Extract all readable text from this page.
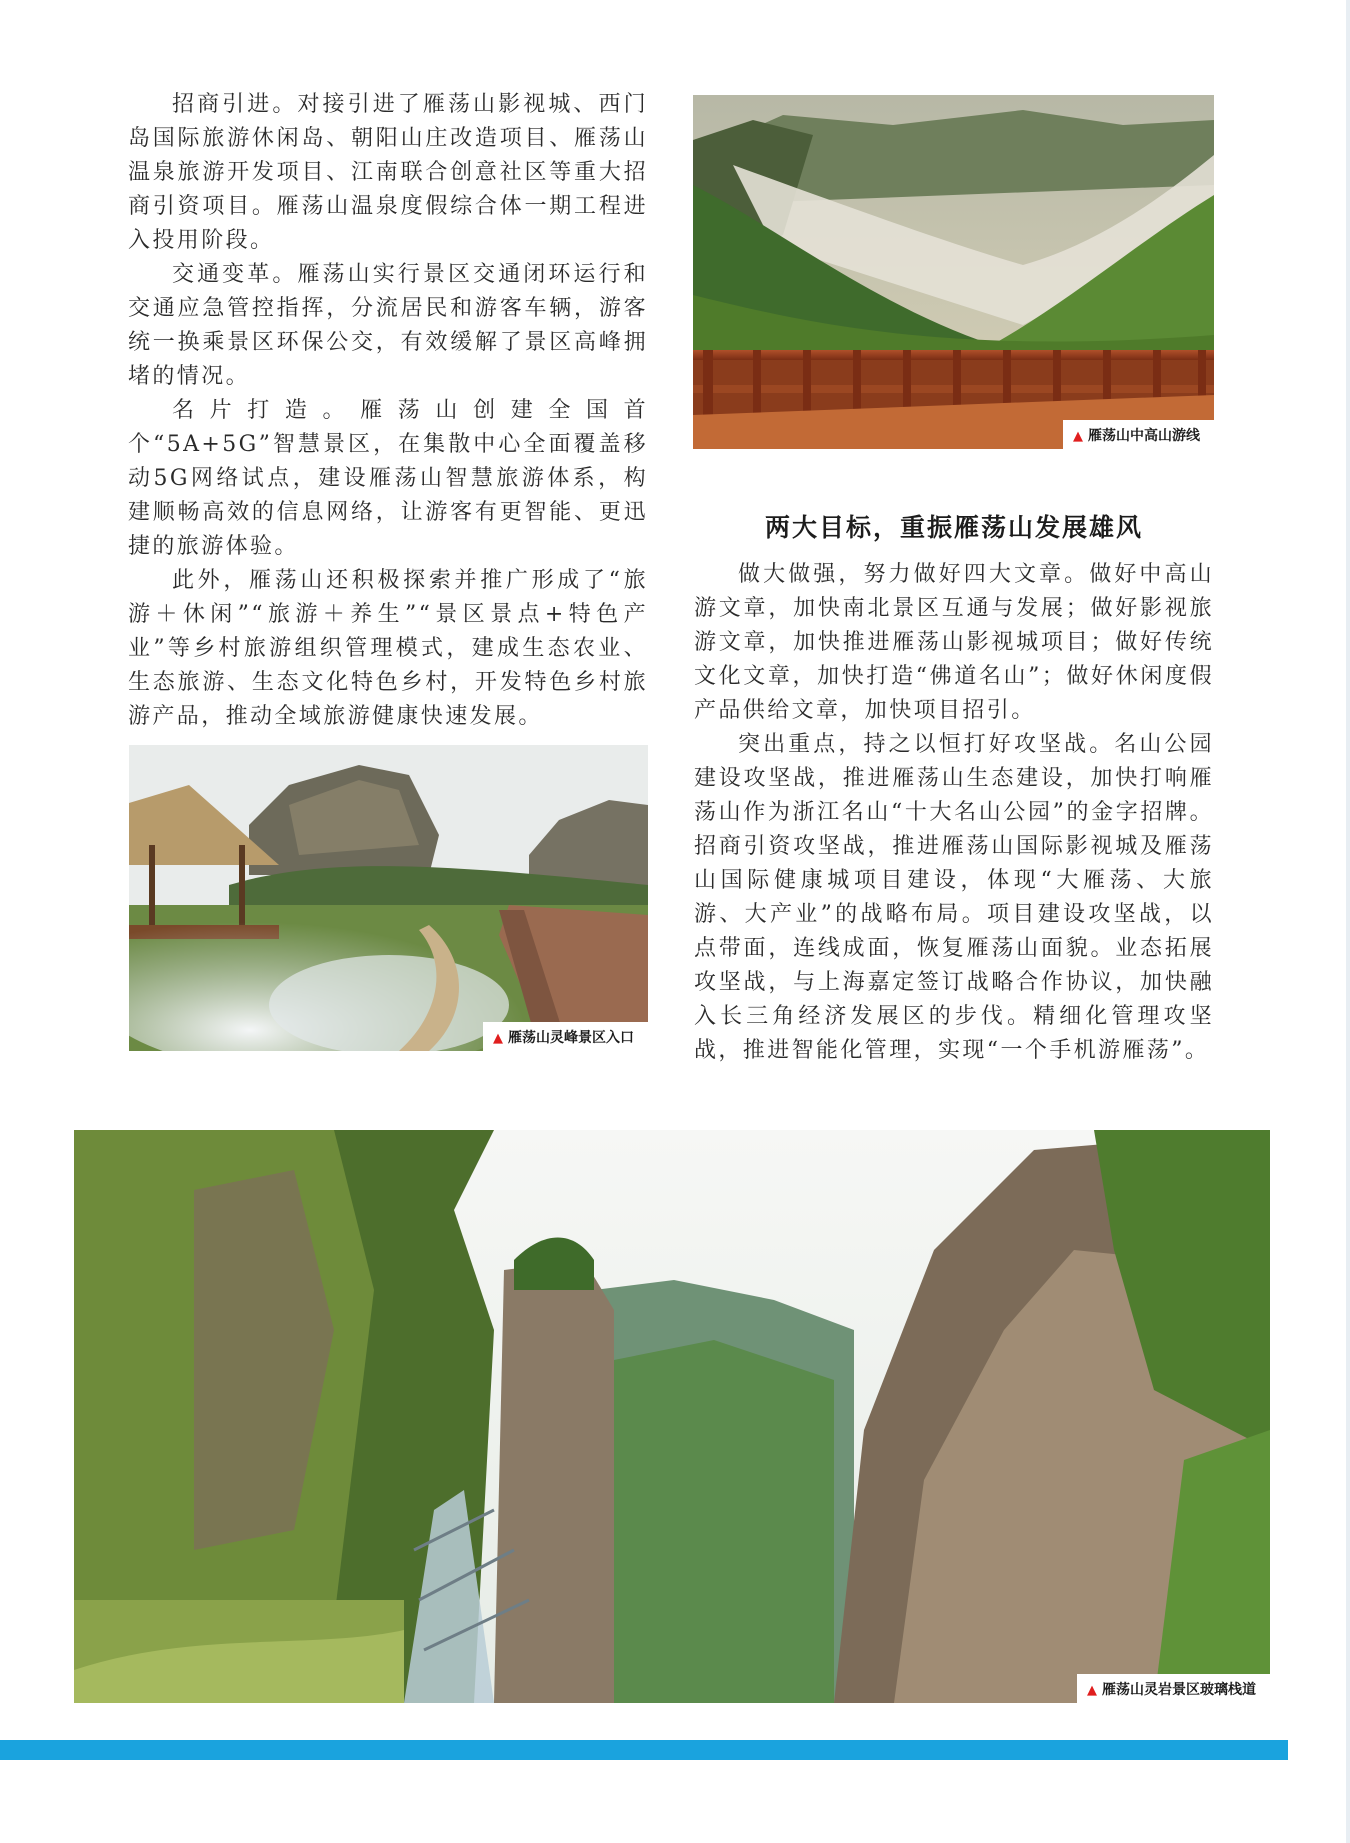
招商引进。对接引进了雁荡山影视城、西门岛国际旅游休闲岛、朝阳山庄改造项目、雁荡山温泉旅游开发项目、江南联合创意社区等重大招商引资项目。雁荡山温泉度假综合体一期工程进入投用阶段。

交通变革。雁荡山实行景区交通闭环运行和交通应急管控指挥，分流居民和游客车辆，游客统一换乘景区环保公交，有效缓解了景区高峰拥堵的情况。

名片打造。雁荡山创建全国首个“5A+5G”智慧景区，在集散中心全面覆盖移动5G网络试点，建设雁荡山智慧旅游体系，构建顺畅高效的信息网络，让游客有更智能、更迅捷的旅游体验。

此外，雁荡山还积极探索并推广形成了“旅游＋休闲”“旅游＋养生”“景区景点+特色产业”等乡村旅游组织管理模式，建成生态农业、生态旅游、生态文化特色乡村，开发特色乡村旅游产品，推动全域旅游健康快速发展。

▲ 雁荡山中高山游线
两大目标，重振雁荡山发展雄风

做大做强，努力做好四大文章。做好中高山游文章，加快南北景区互通与发展；做好影视旅游文章，加快推进雁荡山影视城项目；做好传统文化文章，加快打造“佛道名山”；做好休闲度假产品供给文章，加快项目招引。

突出重点，持之以恒打好攻坚战。名山公园建设攻坚战，推进雁荡山生态建设，加快打响雁荡山作为浙江名山“十大名山公园”的金字招牌。招商引资攻坚战，推进雁荡山国际影视城及雁荡山国际健康城项目建设，体现“大雁荡、大旅游、大产业”的战略布局。项目建设攻坚战，以点带面，连线成面，恢复雁荡山面貌。业态拓展攻坚战，与上海嘉定签订战略合作协议，加快融入长三角经济发展区的步伐。精细化管理攻坚战，推进智能化管理，实现“一个手机游雁荡”。

▲ 雁荡山灵峰景区入口
▲ 雁荡山灵岩景区玻璃栈道
